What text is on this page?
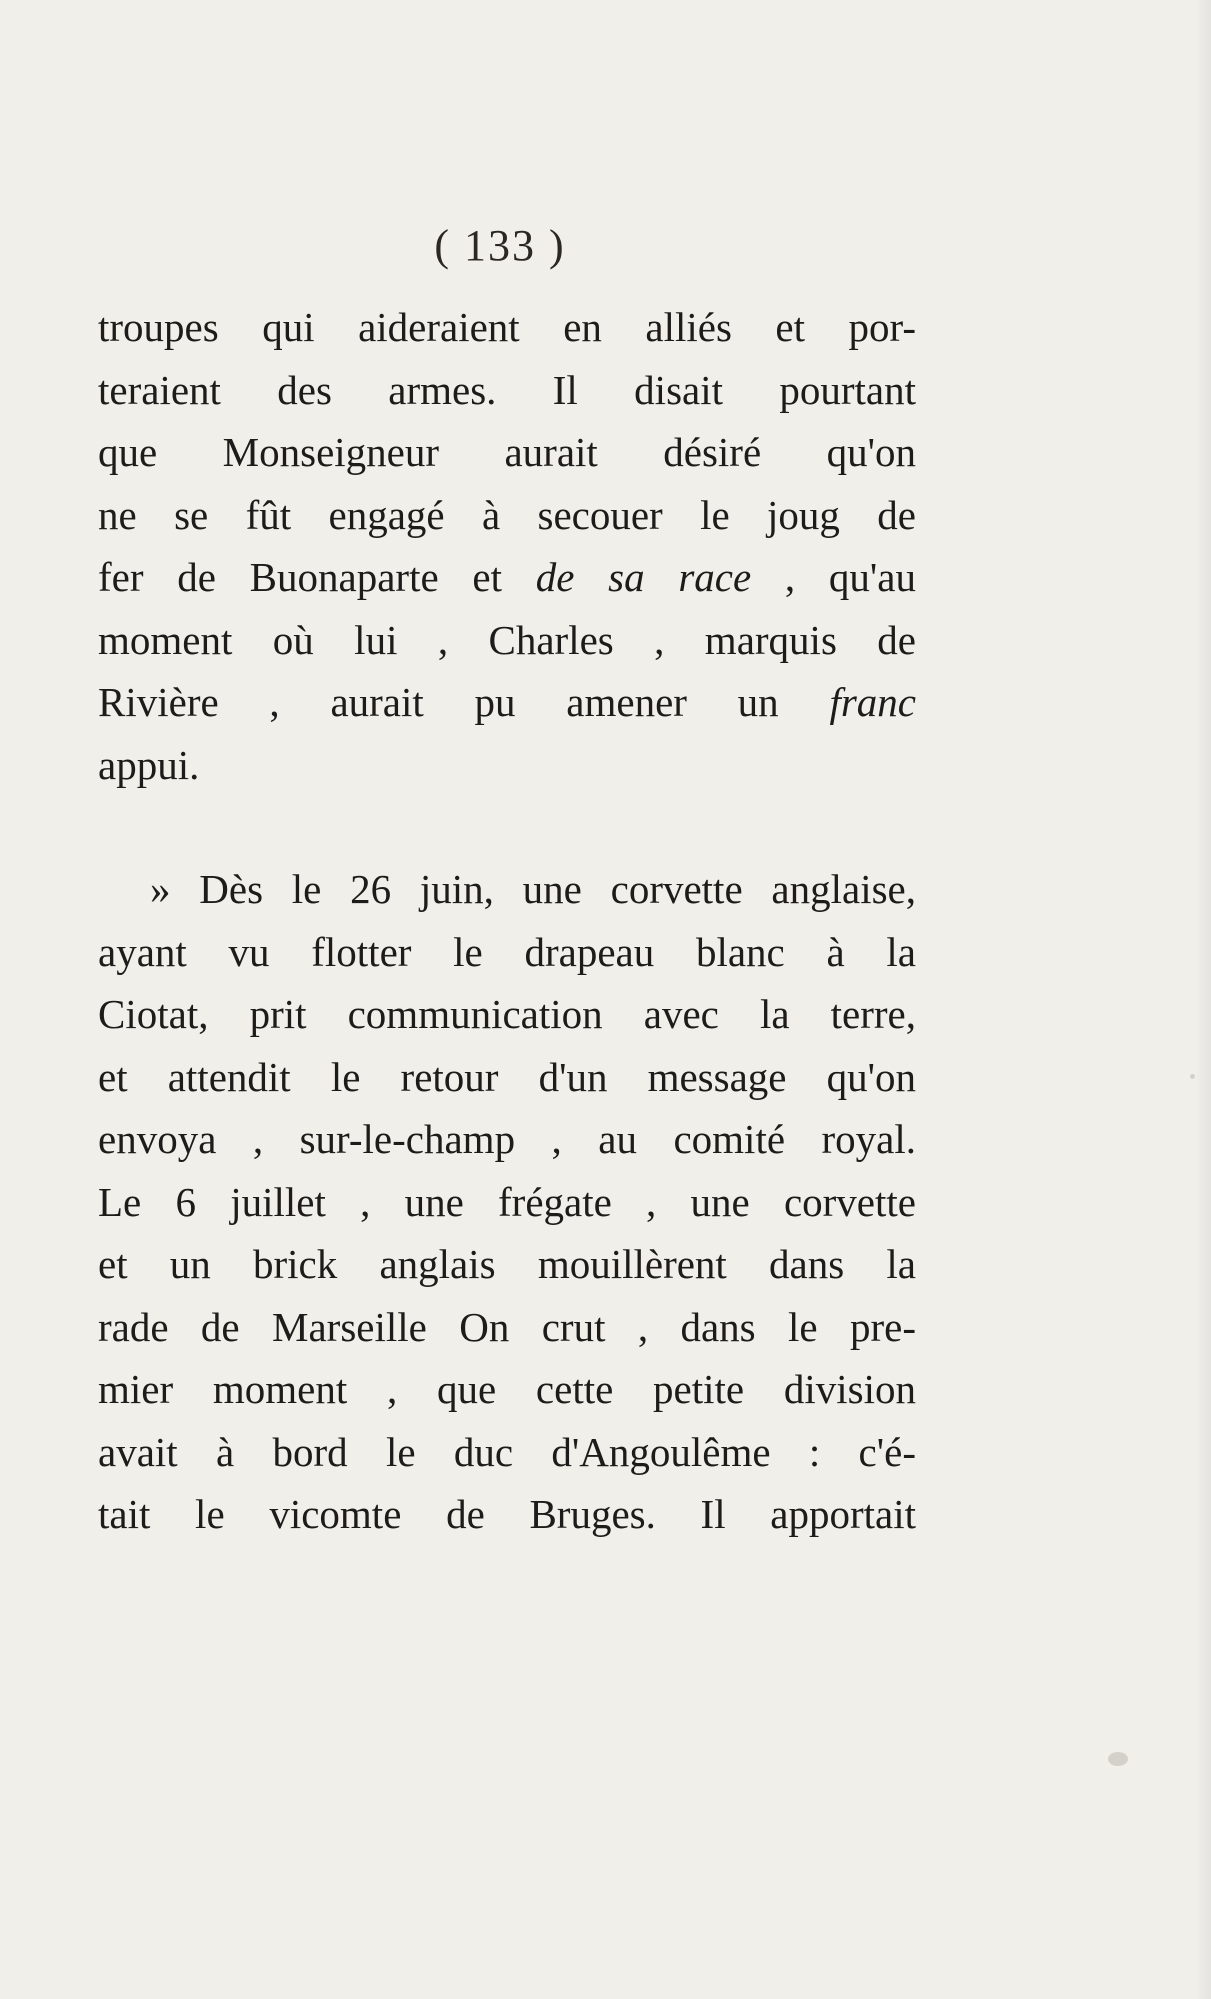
( 133 )
troupes qui aideraient en alliés et por-
teraient des armes. Il disait pourtant
que Monseigneur aurait désiré qu'on
ne se fût engagé à secouer le joug de
fer de Buonaparte et de sa race , qu'au
moment où lui , Charles , marquis de
Rivière , aurait pu amener un franc
appui.
» Dès le 26 juin, une corvette anglaise,
ayant vu flotter le drapeau blanc à la
Ciotat, prit communication avec la terre,
et attendit le retour d'un message qu'on
envoya , sur-le-champ , au comité royal.
Le 6 juillet , une frégate , une corvette
et un brick anglais mouillèrent dans la
rade de Marseille On crut , dans le pre-
mier moment , que cette petite division
avait à bord le duc d'Angoulême : c'é-
tait le vicomte de Bruges. Il apportait
